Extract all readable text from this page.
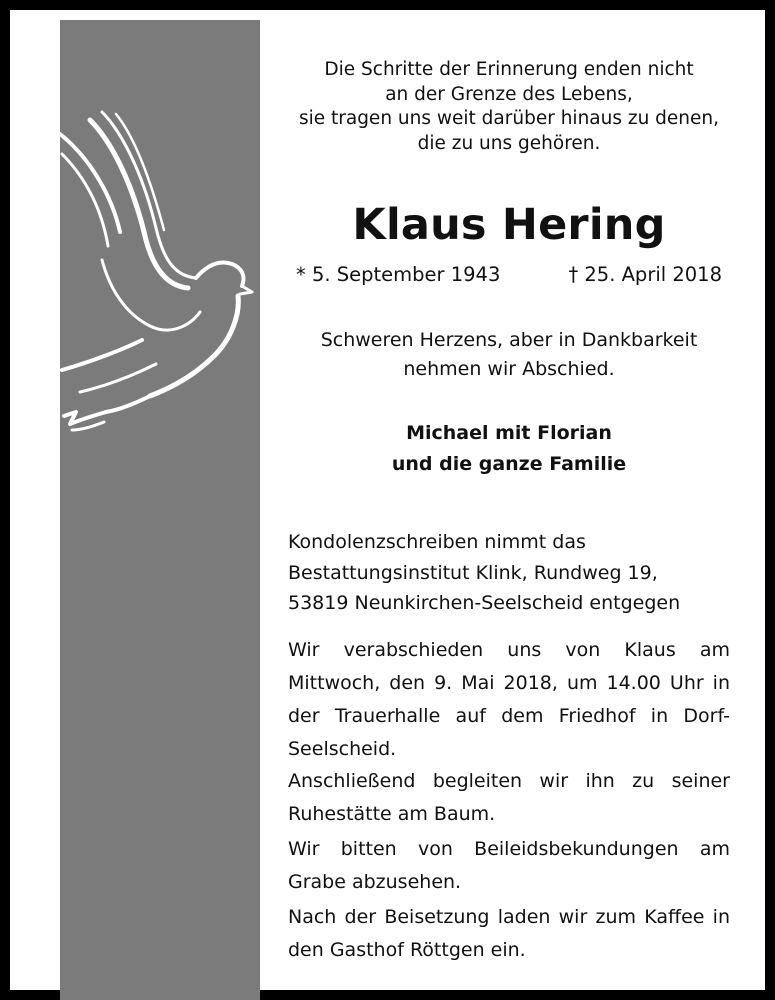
Die Schritte der Erinnerung enden nicht
an der Grenze des Lebens,
sie tragen uns weit darüber hinaus zu denen,
die zu uns gehören.
Klaus Hering
* 5. September 1943	† 25. April 2018
Schweren Herzens, aber in Dankbarkeit
nehmen wir Abschied.
Michael mit Florian
und die ganze Familie
Kondolenzschreiben nimmt das
Bestattungsinstitut Klink, Rundweg 19,
53819 Neunkirchen-Seelscheid entgegen
Wir verabschieden uns von Klaus am Mittwoch, den 9. Mai 2018, um 14.00 Uhr in der Trauerhalle auf dem Friedhof in Dorf-Seelscheid.
Anschließend begleiten wir ihn zu seiner Ruhestätte am Baum.
Wir bitten von Beileidsbekundungen am Grabe abzusehen.
Nach der Beisetzung laden wir zum Kaffee in den Gasthof Röttgen ein.
